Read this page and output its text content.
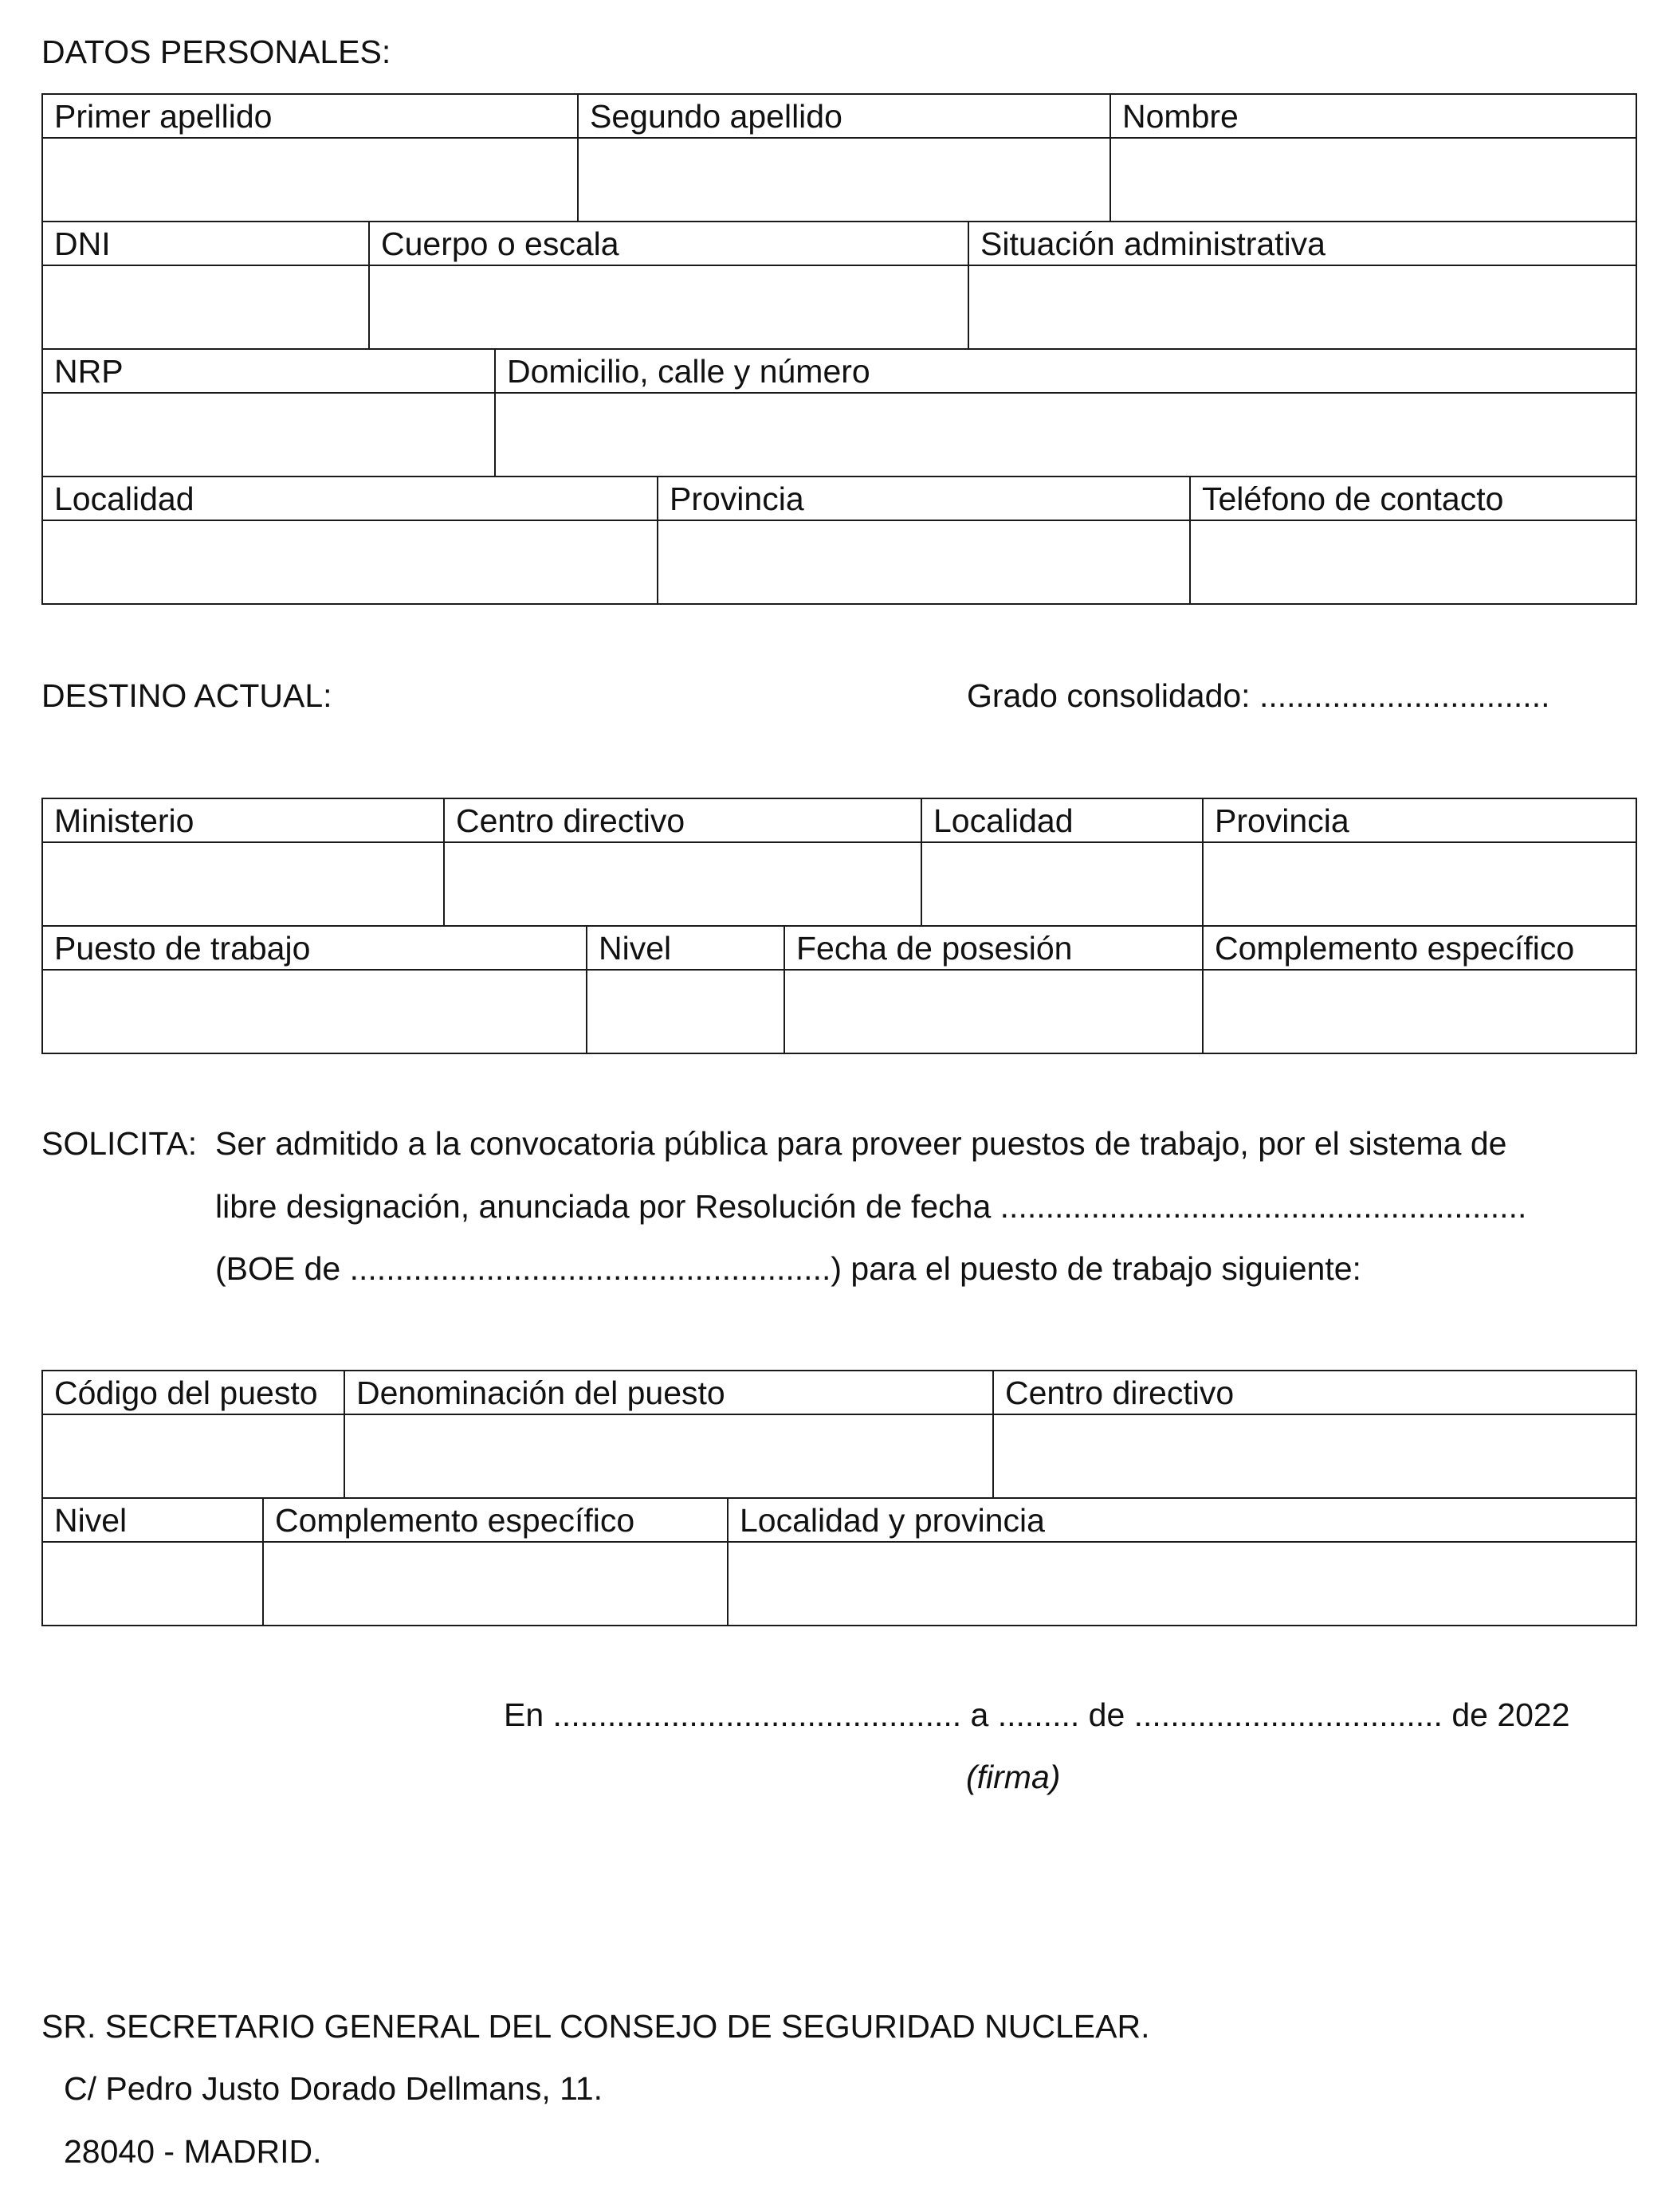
DATOS PERSONALES:
Primer apellido	Segundo apellido	Nombre
DNI	Cuerpo o escala	Situación administrativa
NRP	Domicilio, calle y número
Localidad	Provincia	Teléfono de contacto
DESTINO ACTUAL:	Grado consolidado: ................................
Ministerio	Centro directivo	Localidad	Provincia
Puesto de trabajo	Nivel	Fecha de posesión	Complemento específico
SOLICITA: Ser admitido a la convocatoria pública para proveer puestos de trabajo, por el sistema de
libre designación, anunciada por Resolución de fecha ..........................................................
(BOE de .....................................................) para el puesto de trabajo siguiente:
Código del puesto	Denominación del puesto	Centro directivo
Nivel	Complemento específico	Localidad y provincia
En ............................................. a ......... de .................................. de 2022
(firma)
SR. SECRETARIO GENERAL DEL CONSEJO DE SEGURIDAD NUCLEAR.
C/ Pedro Justo Dorado Dellmans, 11.
28040 - MADRID.
